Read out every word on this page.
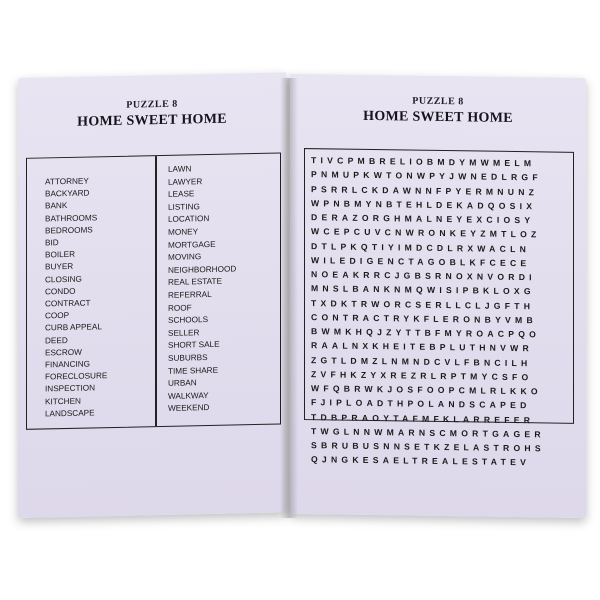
PUZZLE 8
HOME SWEET HOME
ATTORNEY
BACKYARD
BANK
BATHROOMS
BEDROOMS
BID
BOILER
BUYER
CLOSING
CONDO
CONTRACT
COOP
CURB APPEAL
DEED
ESCROW
FINANCING
FORECLOSURE
INSPECTION
KITCHEN
LANDSCAPE
LAWN
LAWYER
LEASE
LISTING
LOCATION
MONEY
MORTGAGE
MOVING
NEIGHBORHOOD
REAL ESTATE
REFERRAL
ROOF
SCHOOLS
SELLER
SHORT SALE
SUBURBS
TIME SHARE
URBAN
WALKWAY
WEEKEND
PUZZLE 8
HOME SWEET HOME
TIVCPMBRELIOBMDYMWMELM
PNMUPKWTONWPYJWNEDLRGF
PSRRLCKDAWNNFPYERMNUNZ
WPNBMYNBTEHLDEKADQOSIX
DERAZORGHMALNEYEXCIOSY
WCEPCUVCNWRONKEYZMTLOZ
DTLPKQTIYIMDCDLRXWACLN
WILEDIGENCTAGOBLKFCECE
NOEAKRRCJGBSRNOXNVORDI
MNSLBANKNMQWISIPBKLOXG
TXDKTRWORCSERLLCLJGFTH
CONTRACTRYKFLERONBYVMB
BWMKHQJZYTTBFMYROACPQO
RAALNXKHEITEBPLUTHNVWR
ZGTLDMZLNMNDCVLFBNCILH
ZVFHKZYXREZRLRPTMYCSFO
WFQBRWKJOSFOOPCMLRLKKO
FJIPLOADTHPOLANDSCAPED
TDBPRAOYTAFMFKLARREFER
TWGLNNWMARNSCMORTGAGER
SBRUBUSNNSETKZELASTROHS
QJNGKESAELTREALESTATEV
